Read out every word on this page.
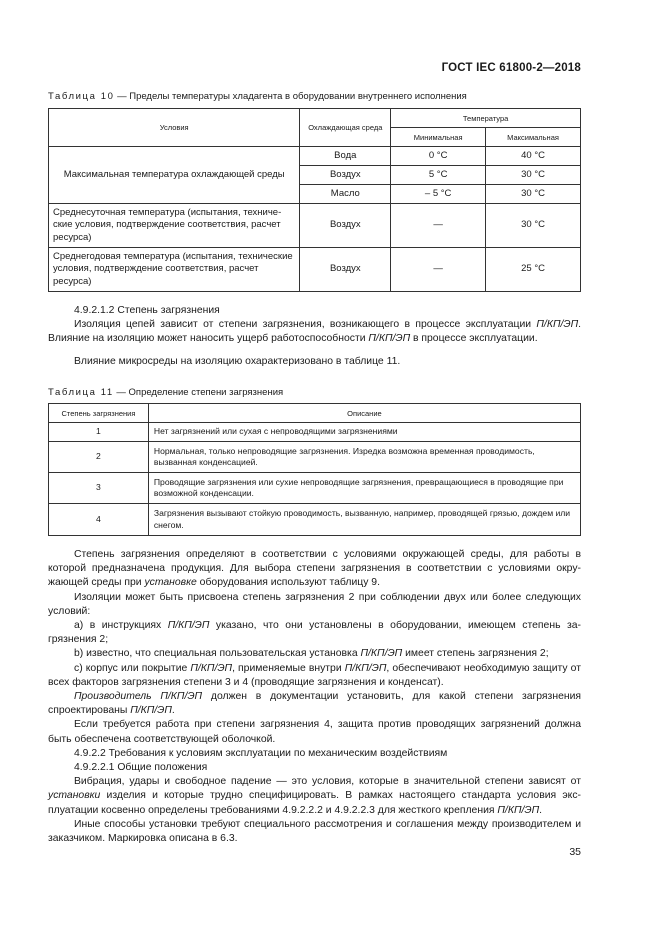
ГОСТ IEC 61800-2—2018
Таблица 10 — Пределы температуры хладагента в оборудовании внутреннего исполнения
Условия	Охлаждающая среда	Температура	
		Минимальная	Максимальная
Максимальная температура охлаждающей среды	Вода	0 °С	40 °С
	Воздух	5 °С	30 °С
	Масло	– 5 °С	30 °С
Среднесуточная температура (испытания, технические условия, подтверждение соответствия, расчет ресурса)	Воздух	—	30 °С
Среднегодовая температура (испытания, технические условия, подтверждение соответствия, расчет ресурса)	Воздух	—	25 °С

4.9.2.1.2 Степень загрязнения

Изоляция цепей зависит от степени загрязнения, возникающего в процессе эксплуатации П/КП/ЭП. Влияние на изоляцию может наносить ущерб работоспособности П/КП/ЭП в процессе эксплуатации.

Влияние микросреды на изоляцию охарактеризовано в таблице 11.

Таблица 11 — Определение степени загрязнения
Степень загрязнения	Описание
1	Нет загрязнений или сухая с непроводящими загрязнениями
2	Нормальная, только непроводящие загрязнения. Изредка возможна временная проводимость, вызванная конденсацией.
3	Проводящие загрязнения или сухие непроводящие загрязнения, превращающиеся в проводящие при возможной конденсации.
4	Загрязнения вызывают стойкую проводимость, вызванную, например, проводящей грязью, дождем или снегом.

Степень загрязнения определяют в соответствии с условиями окружающей среды, для работы в которой предназначена продукция. Для выбора степени загрязнения в соответствии с условиями окружающей среды при установке оборудования используют таблицу 9.

Изоляции может быть присвоена степень загрязнения 2 при соблюдении двух или более следующих условий:

а) в инструкциях П/КП/ЭП указано, что они установлены в оборудовании, имеющем степень загрязнения 2;

b) известно, что специальная пользовательская установка П/КП/ЭП имеет степень загрязнения 2;

с) корпус или покрытие П/КП/ЭП, применяемые внутри П/КП/ЭП, обеспечивают необходимую защиту от всех факторов загрязнения степени 3 и 4 (проводящие загрязнения и конденсат).

Производитель П/КП/ЭП должен в документации установить, для какой степени загрязнения спроектированы П/КП/ЭП.

Если требуется работа при степени загрязнения 4, защита против проводящих загрязнений должна быть обеспечена соответствующей оболочкой.

4.9.2.2 Требования к условиям эксплуатации по механическим воздействиям

4.9.2.2.1 Общие положения

Вибрация, удары и свободное падение — это условия, которые в значительной степени зависят от установки изделия и которые трудно специфицировать. В рамках настоящего стандарта условия эксплуатации косвенно определены требованиями 4.9.2.2.2 и 4.9.2.2.3 для жесткого крепления П/КП/ЭП.

Иные способы установки требуют специального рассмотрения и соглашения между производителем и заказчиком. Маркировка описана в 6.3.

35
